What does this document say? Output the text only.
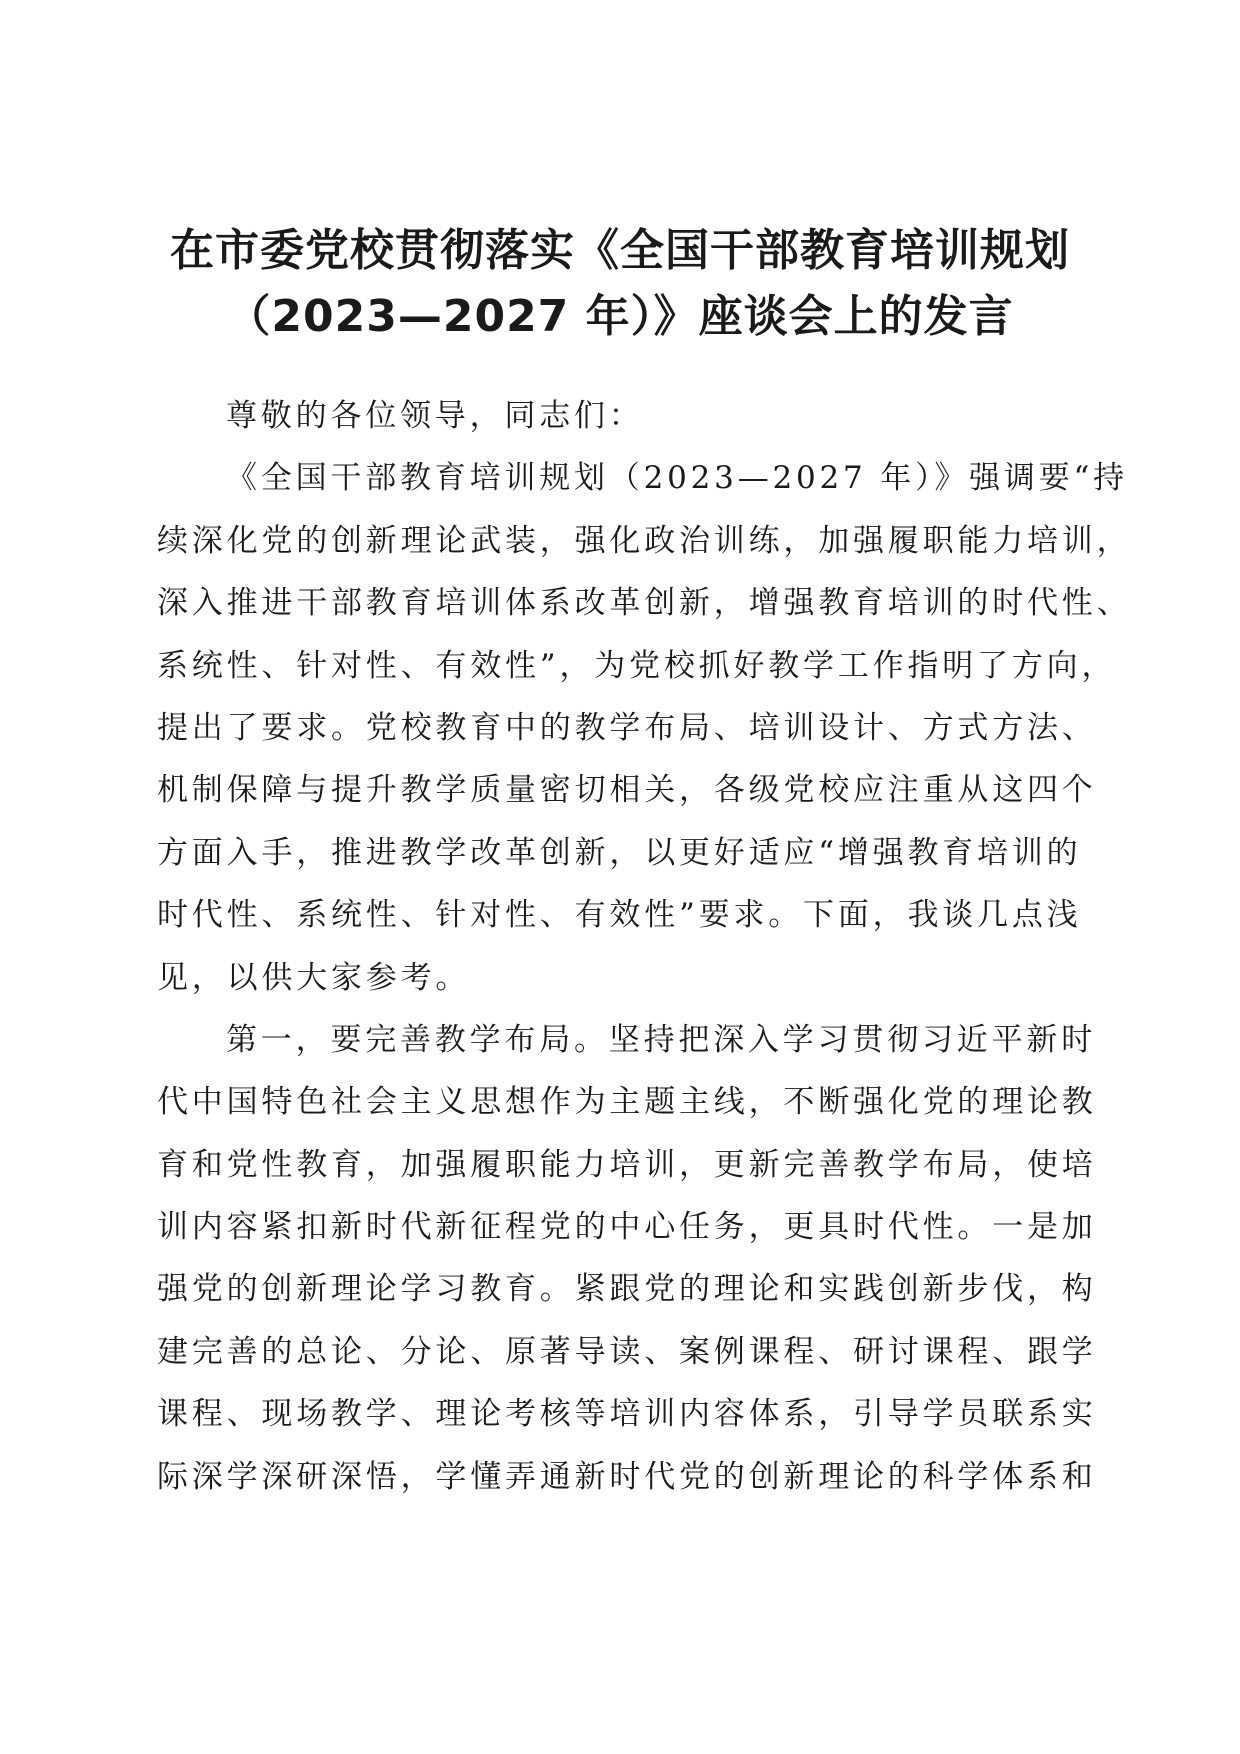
在市委党校贯彻落实《全国干部教育培训规划
（2023—2027 年）》座谈会上的发言
尊敬的各位领导，同志们：
《全国干部教育培训规划（2023—2027 年）》强调要“持
续深化党的创新理论武装，强化政治训练，加强履职能力培训，
深入推进干部教育培训体系改革创新，增强教育培训的时代性、
系统性、针对性、有效性”，为党校抓好教学工作指明了方向，
提出了要求。党校教育中的教学布局、培训设计、方式方法、
机制保障与提升教学质量密切相关，各级党校应注重从这四个
方面入手，推进教学改革创新，以更好适应“增强教育培训的
时代性、系统性、针对性、有效性”要求。下面，我谈几点浅
见，以供大家参考。
第一，要完善教学布局。坚持把深入学习贯彻习近平新时
代中国特色社会主义思想作为主题主线，不断强化党的理论教
育和党性教育，加强履职能力培训，更新完善教学布局，使培
训内容紧扣新时代新征程党的中心任务，更具时代性。一是加
强党的创新理论学习教育。紧跟党的理论和实践创新步伐，构
建完善的总论、分论、原著导读、案例课程、研讨课程、跟学
课程、现场教学、理论考核等培训内容体系，引导学员联系实
际深学深研深悟，学懂弄通新时代党的创新理论的科学体系和
